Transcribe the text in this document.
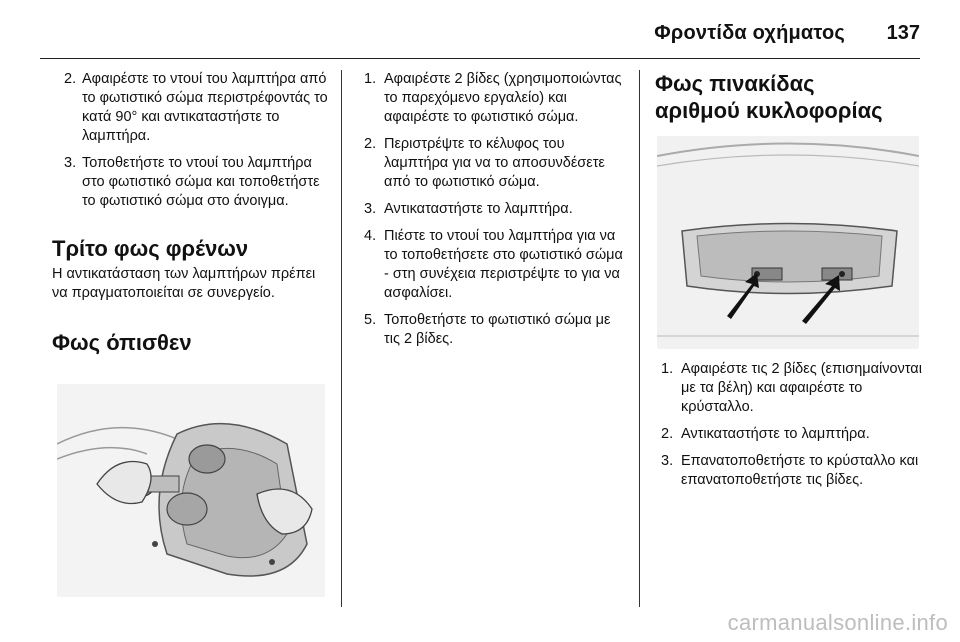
Φροντίδα οχήματος 137
2. Αφαιρέστε το ντουί του λαμπτήρα από το φωτιστικό σώμα περιστρέφοντάς το κατά 90° και αντικαταστήστε το λαμπτήρα.
3. Τοποθετήστε το ντουί του λαμπτήρα στο φωτιστικό σώμα και τοποθετήστε το φωτιστικό σώμα στο άνοιγμα.
Τρίτο φως φρένων

Η αντικατάσταση των λαμπτήρων πρέπει να πραγματοποιείται σε συνεργείο.

Φως όπισθεν
1. Αφαιρέστε 2 βίδες (χρησιμοποιώντας το παρεχόμενο εργαλείο) και αφαιρέστε το φωτιστικό σώμα.
2. Περιστρέψτε το κέλυφος του λαμπτήρα για να το αποσυνδέσετε από το φωτιστικό σώμα.
3. Αντικαταστήστε το λαμπτήρα.
4. Πιέστε το ντουί του λαμπτήρα για να το τοποθετήσετε στο φωτιστικό σώμα - στη συνέχεια περιστρέψτε το για να ασφαλίσει.
5. Τοποθετήστε το φωτιστικό σώμα με τις 2 βίδες.
Φως πινακίδας αριθμού κυκλοφορίας
1. Αφαιρέστε τις 2 βίδες (επισημαίνονται με τα βέλη) και αφαιρέστε το κρύσταλλο.
2. Αντικαταστήστε το λαμπτήρα.
3. Επανατοποθετήστε το κρύσταλλο και επανατοποθετήστε τις βίδες.
carmanualsonline.info
